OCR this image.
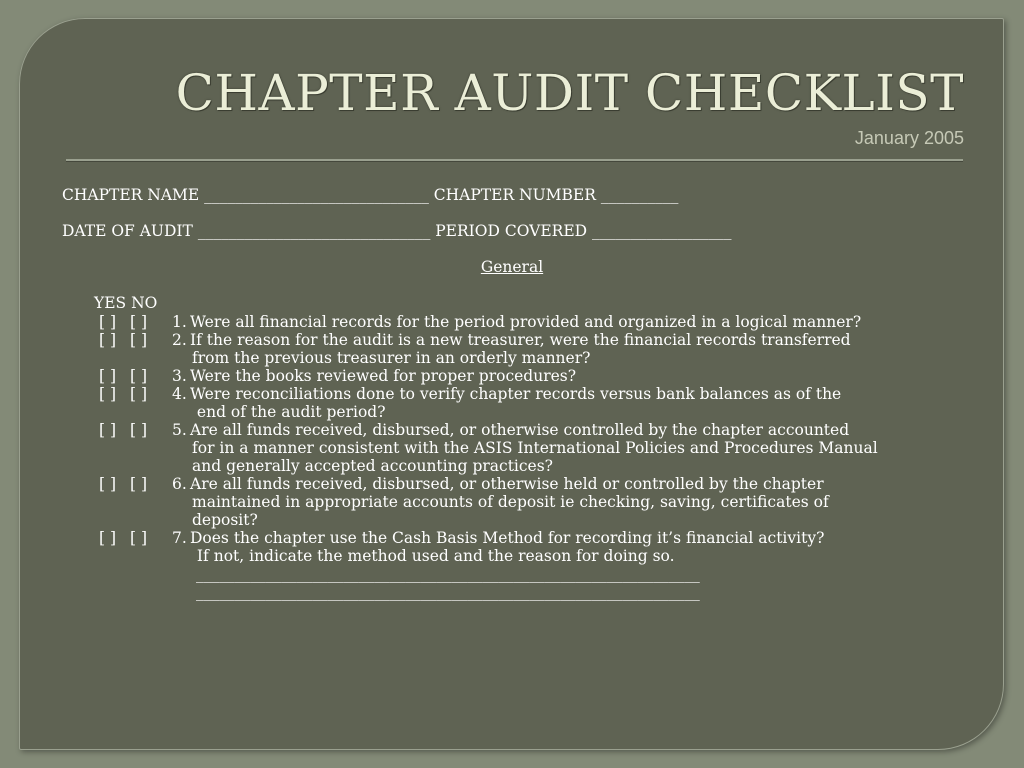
CHAPTER AUDIT CHECKLIST
January 2005
CHAPTER NAME _____________________________ CHAPTER NUMBER __________
DATE OF AUDIT ______________________________ PERIOD COVERED __________________
General
YES NO
[ ] [ ]	1. Were all financial records for the period provided and organized in a logical manner?
[ ] [ ]	2. If the reason for the audit is a new treasurer, were the financial records transferred
from the previous treasurer in an orderly manner?
[ ] [ ]	3. Were the books reviewed for proper procedures?
[ ] [ ]	4. Were reconciliations done to verify chapter records versus bank balances as of the
end of the audit period?
[ ] [ ]	5. Are all funds received, disbursed, or otherwise controlled by the chapter accounted
for in a manner consistent with the ASIS International Policies and Procedures Manual
and generally accepted accounting practices?
[ ] [ ]	6. Are all funds received, disbursed, or otherwise held or controlled by the chapter
maintained in appropriate accounts of deposit ie checking, saving, certificates of
deposit?
[ ] [ ]	7. Does the chapter use the Cash Basis Method for recording it’s financial activity?
If not, indicate the method used and the reason for doing so.
_________________________________________________________________
_________________________________________________________________
